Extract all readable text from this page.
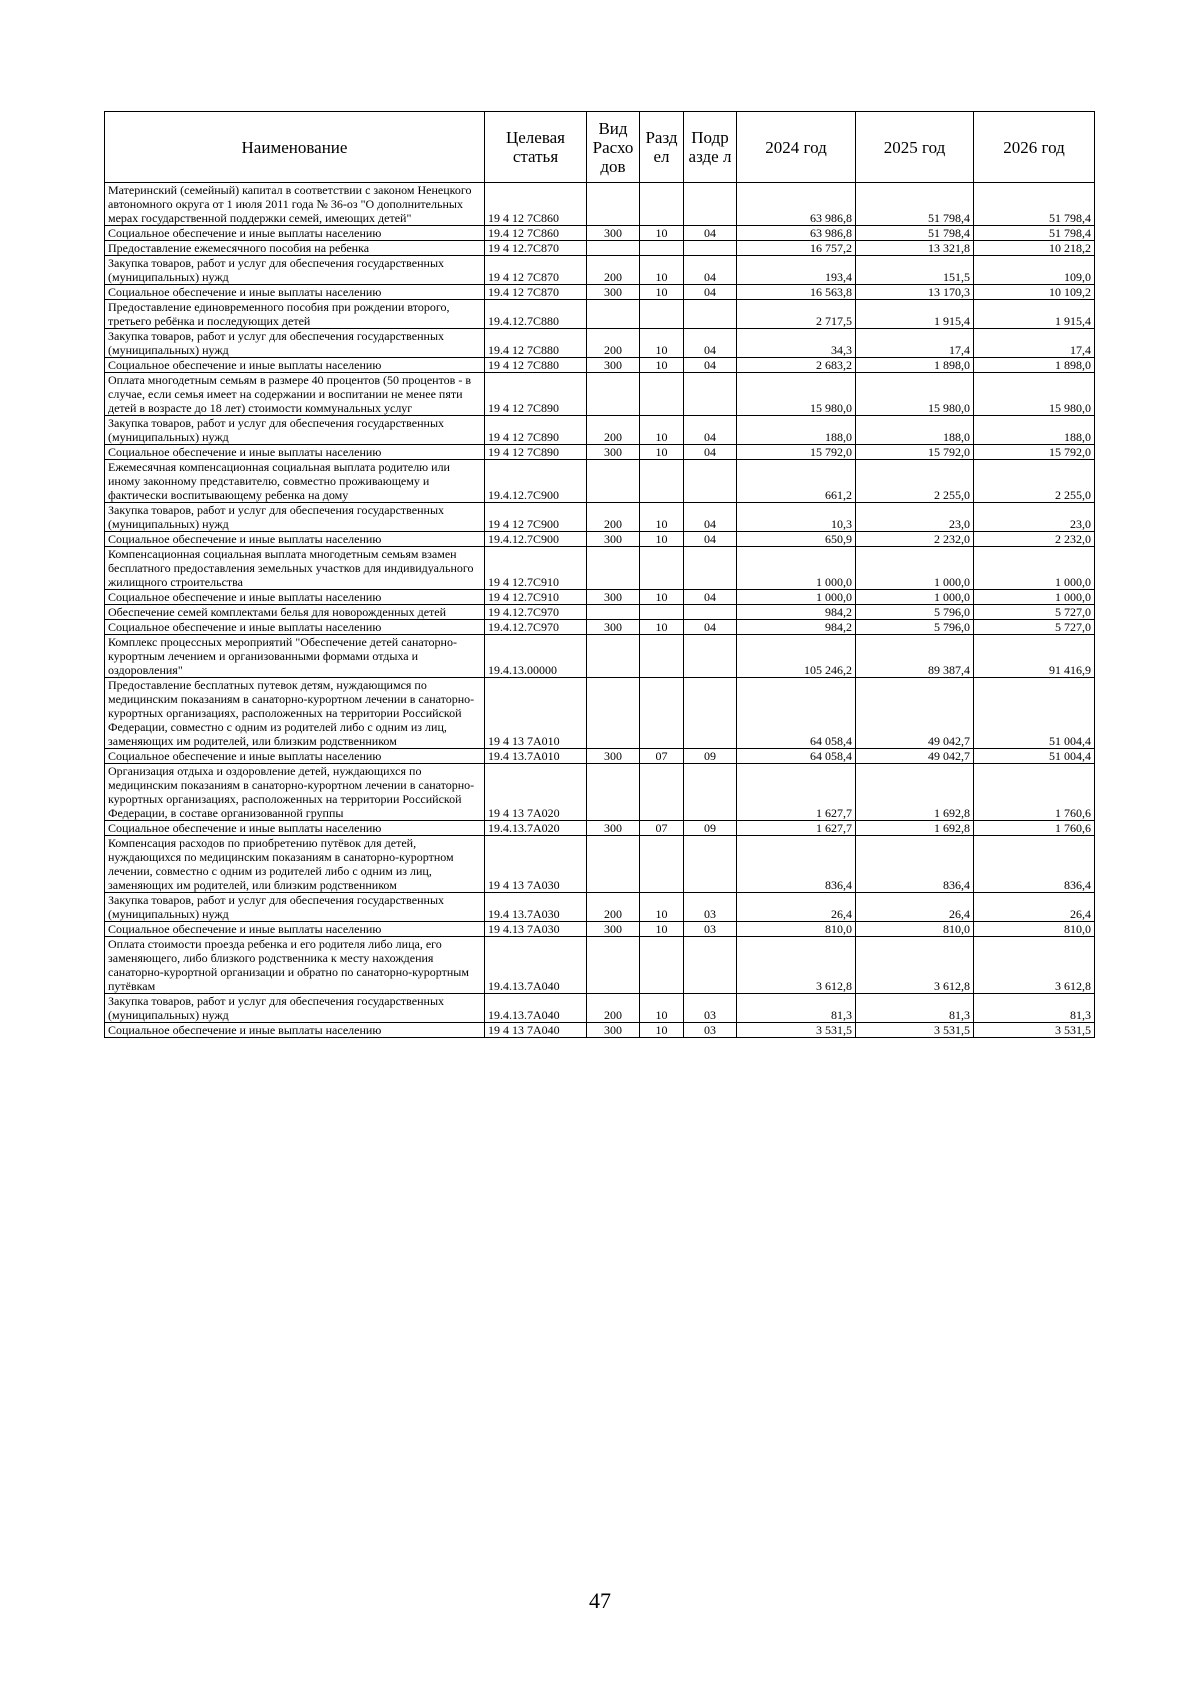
Наименование	Целевая статья	Вид Расхо дов	Разд ел	Подр азде л	2024 год	2025 год	2026 год
Материнский (семейный) капитал в соответствии с законом Ненецкого автономного округа от 1 июля 2011 года № 36-оз "О дополнительных мерах государственной поддержки семей, имеющих детей"	19 4 12 7С860				63 986,8	51 798,4	51 798,4
Социальное обеспечение и иные выплаты населению	19.4 12 7С860	300	10	04	63 986,8	51 798,4	51 798,4
Предоставление ежемесячного пособия на ребенка	19 4 12.7С870				16 757,2	13 321,8	10 218,2
Закупка товаров, работ и услуг для обеспечения государственных (муниципальных) нужд	19 4 12 7С870	200	10	04	193,4	151,5	109,0
Социальное обеспечение и иные выплаты населению	19.4 12 7С870	300	10	04	16 563,8	13 170,3	10 109,2
Предоставление единовременного пособия при рождении второго, третьего ребёнка и последующих детей	19.4.12.7С880				2 717,5	1 915,4	1 915,4
Закупка товаров, работ и услуг для обеспечения государственных (муниципальных) нужд	19.4 12 7С880	200	10	04	34,3	17,4	17,4
Социальное обеспечение и иные выплаты населению	19 4 12 7С880	300	10	04	2 683,2	1 898,0	1 898,0
Оплата многодетным семьям в размере 40 процентов (50 процентов - в случае, если семья имеет на содержании и воспитании не менее пяти детей в возрасте до 18 лет) стоимости коммунальных услуг	19 4 12 7С890				15 980,0	15 980,0	15 980,0
Закупка товаров, работ и услуг для обеспечения государственных (муниципальных) нужд	19 4 12 7С890	200	10	04	188,0	188,0	188,0
Социальное обеспечение и иные выплаты населению	19 4 12 7С890	300	10	04	15 792,0	15 792,0	15 792,0
Ежемесячная компенсационная социальная выплата родителю или иному законному представителю, совместно проживающему и фактически воспитывающему ребенка на дому	19.4.12.7С900				661,2	2 255,0	2 255,0
Закупка товаров, работ и услуг для обеспечения государственных (муниципальных) нужд	19 4 12 7С900	200	10	04	10,3	23,0	23,0
Социальное обеспечение и иные выплаты населению	19.4.12.7С900	300	10	04	650,9	2 232,0	2 232,0
Компенсационная социальная выплата многодетным семьям взамен бесплатного предоставления земельных участков для индивидуального жилищного строительства	19 4 12.7С910				1 000,0	1 000,0	1 000,0
Социальное обеспечение и иные выплаты населению	19 4 12.7С910	300	10	04	1 000,0	1 000,0	1 000,0
Обеспечение семей комплектами белья для новорожденных детей	19 4.12.7С970				984,2	5 796,0	5 727,0
Социальное обеспечение и иные выплаты населению	19.4.12.7С970	300	10	04	984,2	5 796,0	5 727,0
Комплекс процессных мероприятий "Обеспечение детей санаторно-курортным лечением и организованными формами отдыха и оздоровления"	19.4.13.00000				105 246,2	89 387,4	91 416,9
Предоставление бесплатных путевок детям, нуждающимся по медицинским показаниям в санаторно-курортном лечении в санаторно-курортных организациях, расположенных на территории Российской Федерации, совместно с одним из родителей либо с одним из лиц, заменяющих им родителей, или близким родственником	19 4 13 7А010				64 058,4	49 042,7	51 004,4
Социальное обеспечение и иные выплаты населению	19.4 13.7А010	300	07	09	64 058,4	49 042,7	51 004,4
Организация отдыха и оздоровление детей, нуждающихся по медицинским показаниям в санаторно-курортном лечении в санаторно-курортных организациях, расположенных на территории Российской Федерации, в составе организованной группы	19 4 13 7А020				1 627,7	1 692,8	1 760,6
Социальное обеспечение и иные выплаты населению	19.4.13.7А020	300	07	09	1 627,7	1 692,8	1 760,6
Компенсация расходов по приобретению путёвок для детей, нуждающихся по медицинским показаниям в санаторно-курортном лечении, совместно с одним из родителей либо с одним из лиц, заменяющих им родителей, или близким родственником	19 4 13 7А030				836,4	836,4	836,4
Закупка товаров, работ и услуг для обеспечения государственных (муниципальных) нужд	19.4 13.7А030	200	10	03	26,4	26,4	26,4
Социальное обеспечение и иные выплаты населению	19 4.13 7А030	300	10	03	810,0	810,0	810,0
Оплата стоимости проезда ребенка и его родителя либо лица, его заменяющего, либо близкого родственника к месту нахождения санаторно-курортной организации и обратно по санаторно-курортным путёвкам	19.4.13.7А040				3 612,8	3 612,8	3 612,8
Закупка товаров, работ и услуг для обеспечения государственных (муниципальных) нужд	19.4.13.7А040	200	10	03	81,3	81,3	81,3
Социальное обеспечение и иные выплаты населению	19 4 13 7А040	300	10	03	3 531,5	3 531,5	3 531,5
47
